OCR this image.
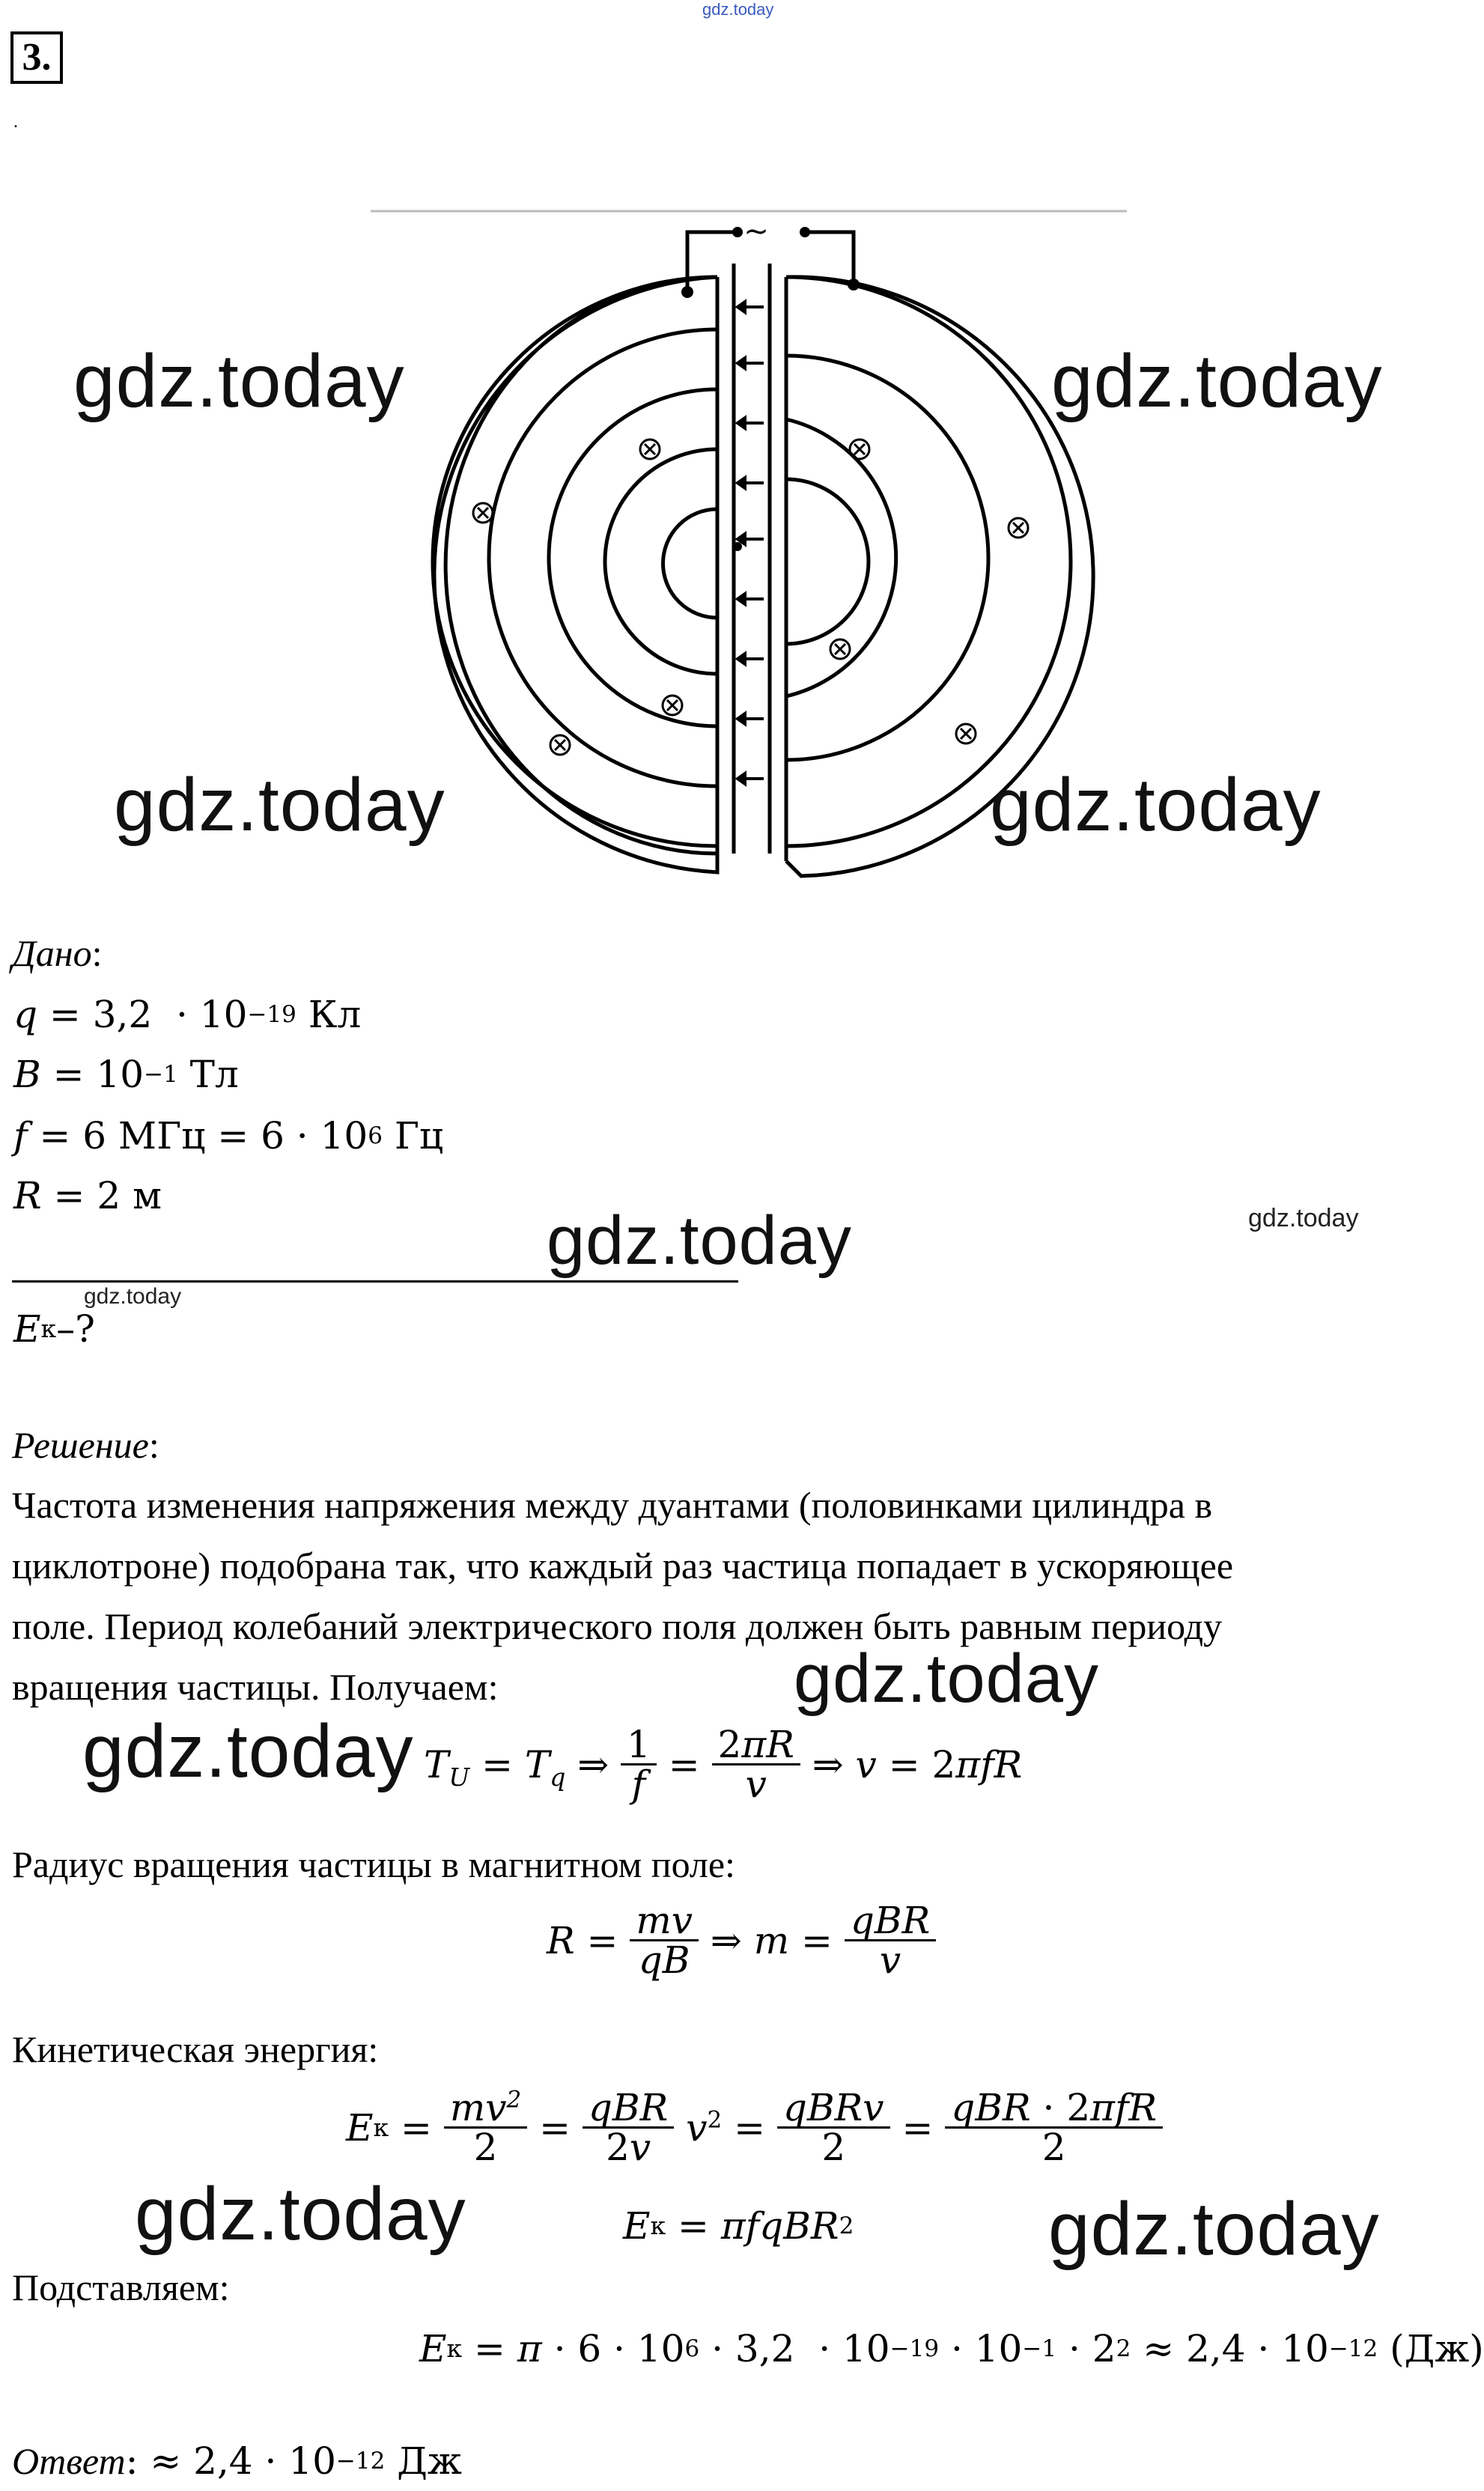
gdz.today
3.
.
~
gdz.today	gdz.today
gdz.today	gdz.today
Дано :
q = 3,2 · 10 −19
Кл
B = 10 −1
Тл
f = 6
МГц = 6 · 10 6
Гц
R = 2
м
gdz.today	gdz.today
gdz.today
E к –?
Решение :
Частота изменения напряжения между дуантами (половинками цилиндра в
циклотроне) подобрана так, что каждый раз частица попадает в ускоряющее
поле. Период колебаний электрического поля должен быть равным периоду
вращения частицы. Получаем:	gdz.today
gdz.today $T_U = T_q$ ⇒ $\frac{1}{f} = \frac{2\pi R}{v}$ ⇒ v = 2πfR
Радиус вращения частицы в магнитном поле:
$R = \frac{mv}{qB}$ ⇒ $m = \frac{\text{qBR}}{v}$
Кинетическая энергия:
E $к = \frac{mv^2}{2} = \frac{\text{qBR}}{2v} v^2 = \frac{\text{qBRv}}{2} = \frac{\text{qBR · 2πfR}}{2}$
E к = πfqBR 2
gdz.today	gdz.today
Подставляем:
E к = π · 6 · 10 6 · 3,2  · 10 −19 · 10 −1 · 2 2
≈ 2,4 · 10 −12
(Дж)
Ответ : ≈ 2,4 · 10 −12
Дж
